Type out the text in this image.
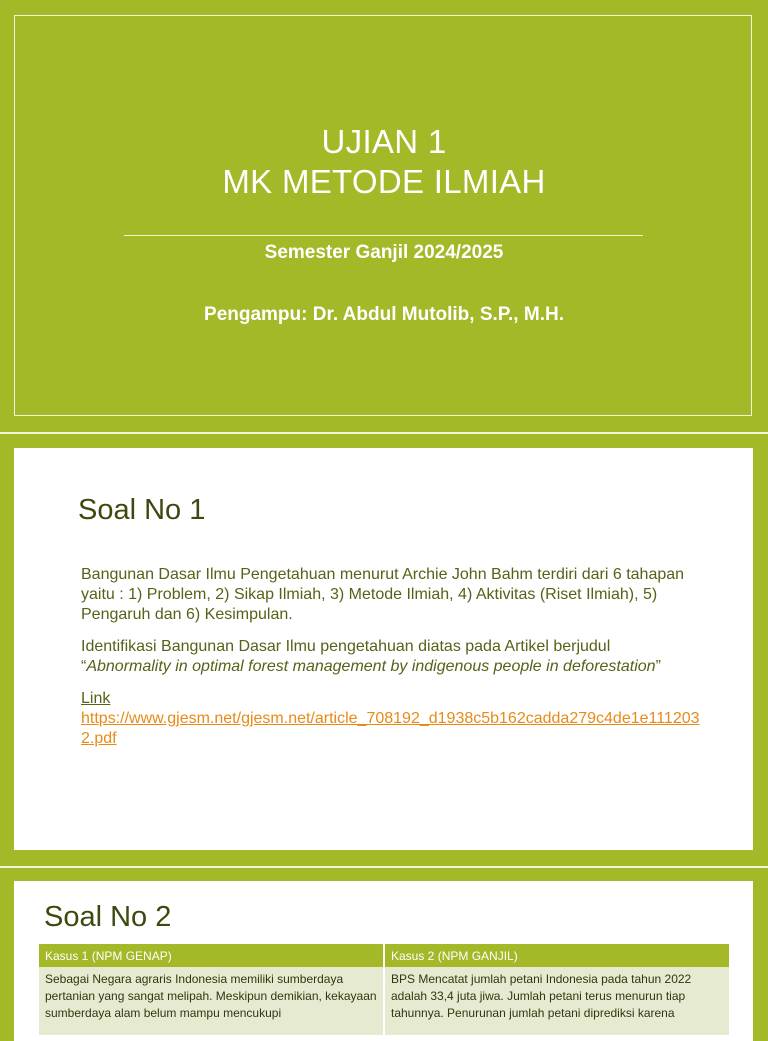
UJIAN 1
MK METODE ILMIAH
Semester Ganjil 2024/2025
Pengampu: Dr. Abdul Mutolib, S.P., M.H.
Soal No 1

Bangunan Dasar Ilmu Pengetahuan menurut Archie John Bahm terdiri dari 6 tahapan yaitu : 1) Problem, 2) Sikap Ilmiah, 3) Metode Ilmiah, 4) Aktivitas (Riset Ilmiah), 5) Pengaruh dan 6) Kesimpulan.

Identifikasi Bangunan Dasar Ilmu pengetahuan diatas pada Artikel berjudul “Abnormality in optimal forest management by indigenous people in deforestation”

Link
https://www.gjesm.net/gjesm.net/article_708192_d1938c5b162cadda279c4de1e1112032.pdf
Soal No 2
Kasus 1 (NPM GENAP)	Kasus 2 (NPM GANJIL)
Sebagai Negara agraris Indonesia memiliki sumberdaya pertanian yang sangat melipah. Meskipun demikian, kekayaan sumberdaya alam belum mampu mencukupi	BPS Mencatat jumlah petani Indonesia pada tahun 2022 adalah 33,4 juta jiwa. Jumlah petani terus menurun tiap tahunnya. Penurunan jumlah petani diprediksi karena
